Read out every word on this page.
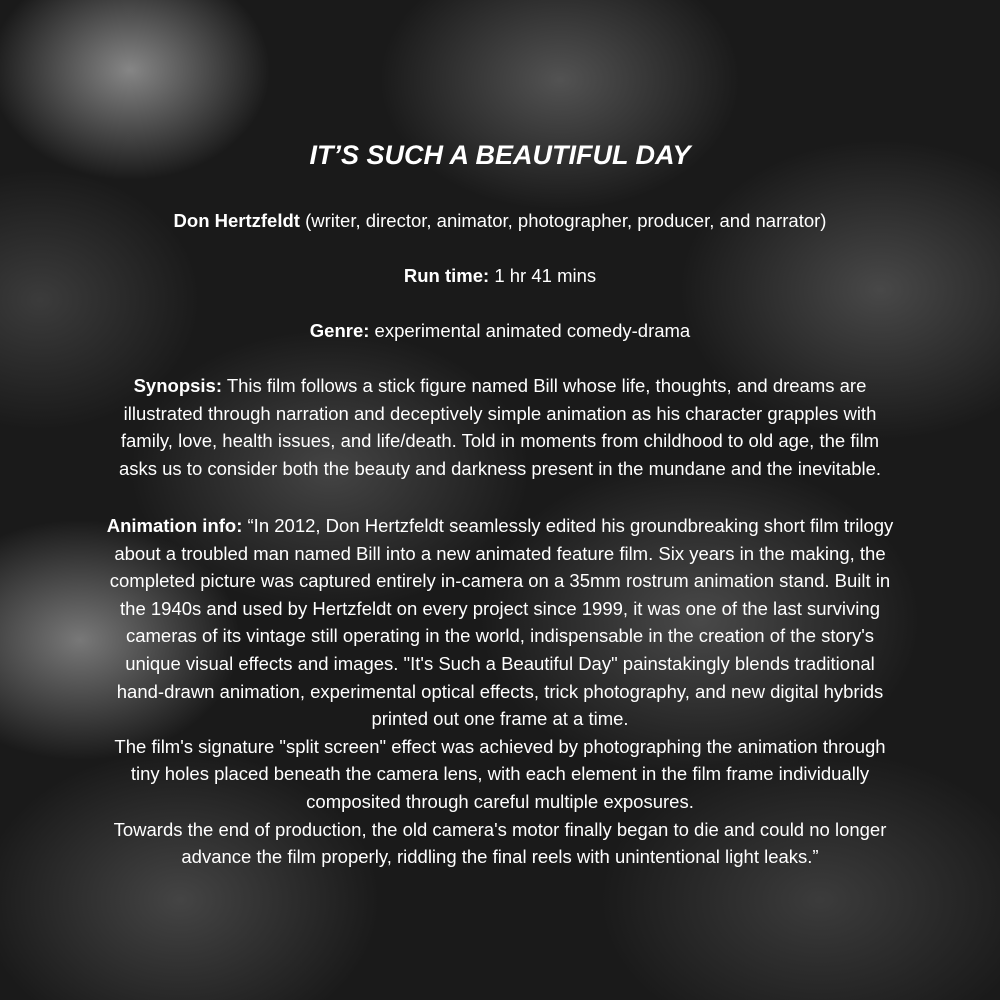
IT’S SUCH A BEAUTIFUL DAY
Don Hertzfeldt (writer, director, animator, photographer, producer, and narrator)
Run time: 1 hr 41 mins
Genre: experimental animated comedy-drama
Synopsis: This film follows a stick figure named Bill whose life, thoughts, and dreams are
illustrated through narration and deceptively simple animation as his character grapples with
family, love, health issues, and life/death. Told in moments from childhood to old age, the film
asks us to consider both the beauty and darkness present in the mundane and the inevitable.
Animation info: “In 2012, Don Hertzfeldt seamlessly edited his groundbreaking short film trilogy
about a troubled man named Bill into a new animated feature film. Six years in the making, the
completed picture was captured entirely in-camera on a 35mm rostrum animation stand. Built in
the 1940s and used by Hertzfeldt on every project since 1999, it was one of the last surviving
cameras of its vintage still operating in the world, indispensable in the creation of the story's
unique visual effects and images. "It's Such a Beautiful Day" painstakingly blends traditional
hand-drawn animation, experimental optical effects, trick photography, and new digital hybrids
printed out one frame at a time.
The film's signature "split screen" effect was achieved by photographing the animation through
tiny holes placed beneath the camera lens, with each element in the film frame individually
composited through careful multiple exposures.
Towards the end of production, the old camera's motor finally began to die and could no longer
advance the film properly, riddling the final reels with unintentional light leaks.”
